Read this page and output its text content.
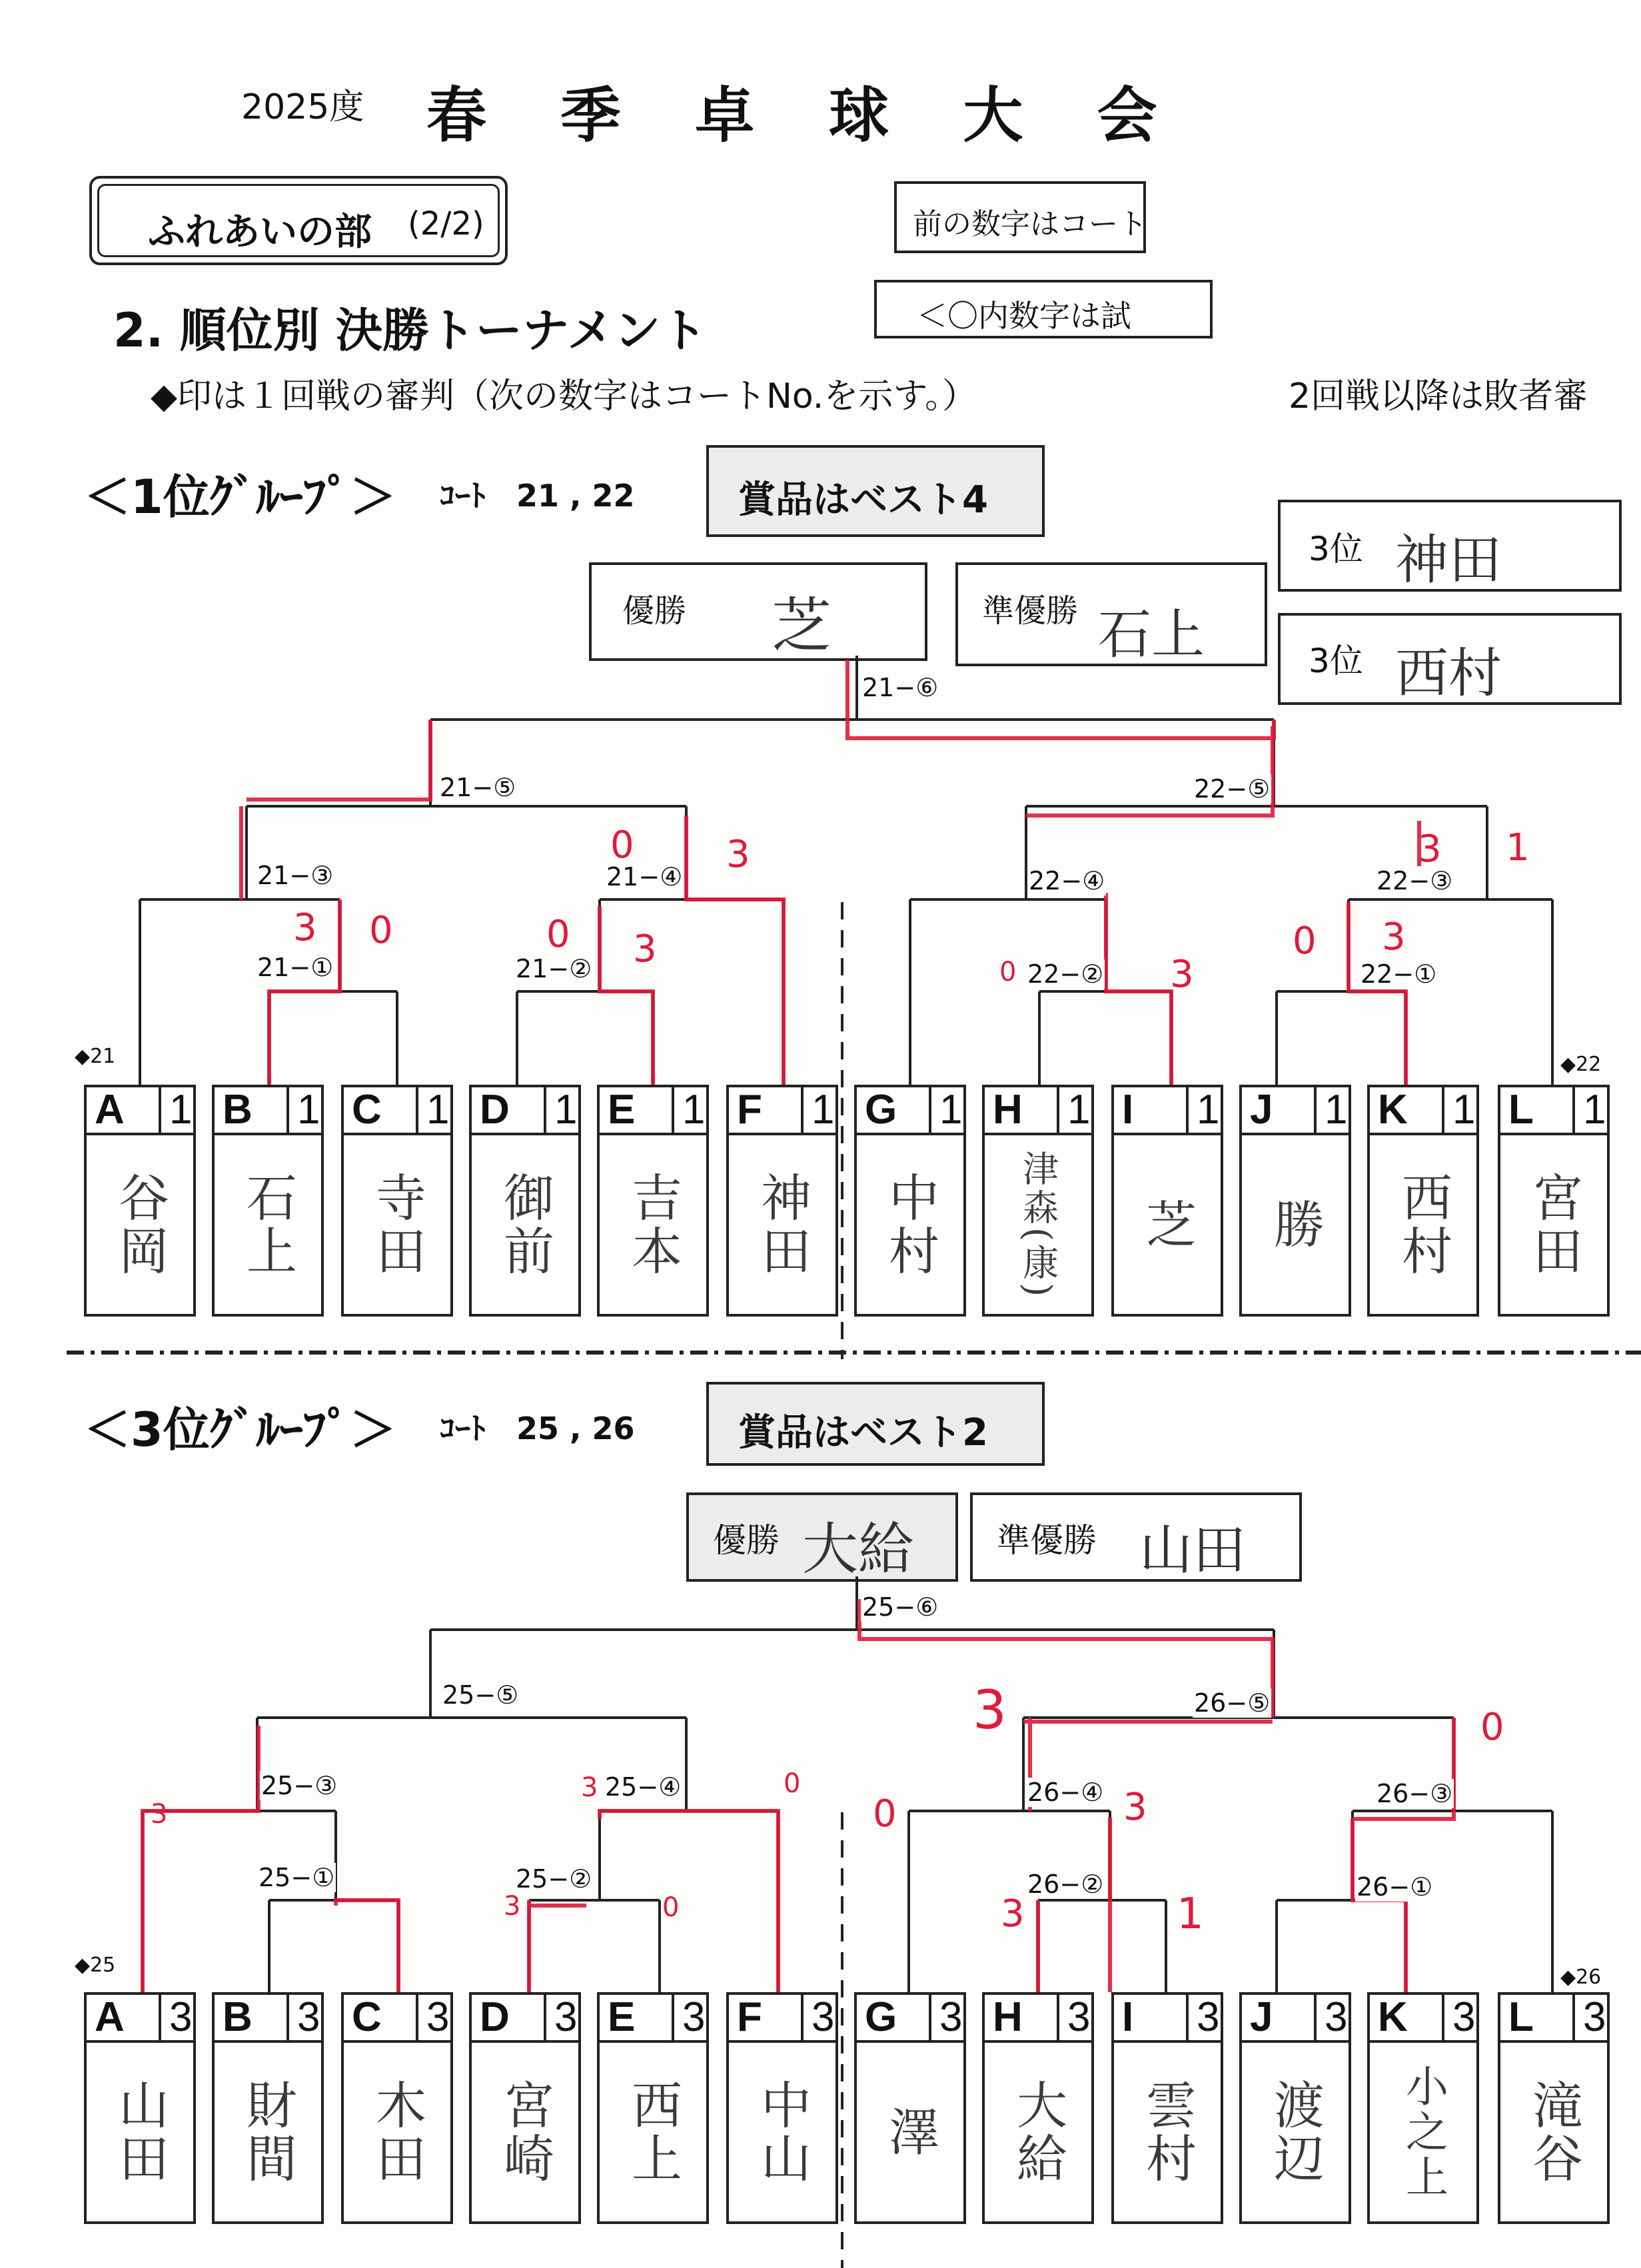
2025度 春 季 卓 球 大 会
ふれあいの部 (2/2)	前の数字はコート
＜〇内数字は試
2. 順位別 決勝トーナメント
◆印は１回戦の審判（次の数字はコートNo.を示す。）	2回戦以降は敗者審
＜1位ｸﾞﾙｰﾌﾟ＞ ｺｰﾄ　21 , 22	賞品はベスト4
優勝 芝	準優勝 石上
3位 神田
3位 西村
21−⑥
21−⑤	22−⑤
21−③	21−④	22−④	22−③
21−①	21−②	22−②	22−①
3 0
0 3
0 3
0	3
0 3
3 1
◆21	◆22
A 1
谷岡
B 1
石上
C 1
寺田
D 1
御前
E 1
吉本
F 1
神田
G 1
中村
H 1
津森(康)
I 1
芝
J 1
勝
K 1
西村
L 1
宮田
＜3位ｸﾞﾙｰﾌﾟ＞ ｺｰﾄ　25 , 26	賞品はベスト2
優勝 大給 準優勝 山田
25−⑥
25−⑤	26−⑤
25−③	25−④	26−④	26−③
25−①	25−②	26−②	26−①
3	0
3	0
0	3
3	1
3	0
3
◆25
◆26
A 3
山田
B 3
財間
C 3
木田
D 3
宮崎
E 3
西上
F 3
中山
G 3
澤
H 3
大給
I 3
雲村
J 3
渡辺
K 3
小之上
L 3
滝谷
